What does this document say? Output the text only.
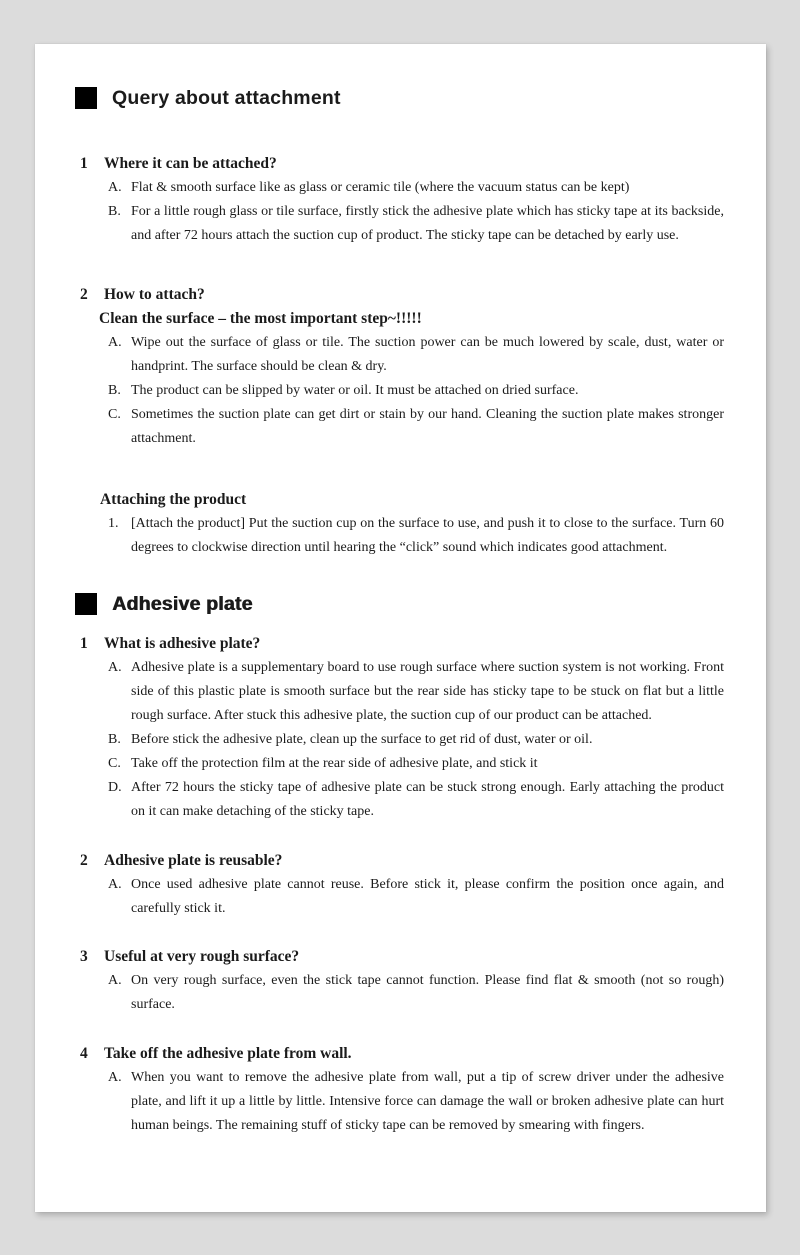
Query about attachment
1	Where it can be attached?
A. Flat & smooth surface like as glass or ceramic tile (where the vacuum status can be kept)
B. For a little rough glass or tile surface, firstly stick the adhesive plate which has sticky tape at its backside, and after 72 hours attach the suction cup of product. The sticky tape can be detached by early use.
2	How to attach?
Clean the surface – the most important step~!!!!!
A. Wipe out the surface of glass or tile. The suction power can be much lowered by scale, dust, water or handprint. The surface should be clean & dry.
B. The product can be slipped by water or oil. It must be attached on dried surface.
C. Sometimes the suction plate can get dirt or stain by our hand. Cleaning the suction plate makes stronger attachment.
Attaching the product
1. [Attach the product] Put the suction cup on the surface to use, and push it to close to the surface. Turn 60 degrees to clockwise direction until hearing the “click” sound which indicates good attachment.
Adhesive plate
1	What is adhesive plate?
A. Adhesive plate is a supplementary board to use rough surface where suction system is not working. Front side of this plastic plate is smooth surface but the rear side has sticky tape to be stuck on flat but a little rough surface. After stuck this adhesive plate, the suction cup of our product can be attached.
B. Before stick the adhesive plate, clean up the surface to get rid of dust, water or oil.
C. Take off the protection film at the rear side of adhesive plate, and stick it
D. After 72 hours the sticky tape of adhesive plate can be stuck strong enough. Early attaching the product on it can make detaching of the sticky tape.
2	Adhesive plate is reusable?
A. Once used adhesive plate cannot reuse. Before stick it, please confirm the position once again, and carefully stick it.
3	Useful at very rough surface?
A. On very rough surface, even the stick tape cannot function. Please find flat & smooth (not so rough) surface.
4	Take off the adhesive plate from wall.
A. When you want to remove the adhesive plate from wall, put a tip of screw driver under the adhesive plate, and lift it up a little by little. Intensive force can damage the wall or broken adhesive plate can hurt human beings. The remaining stuff of sticky tape can be removed by smearing with fingers.
